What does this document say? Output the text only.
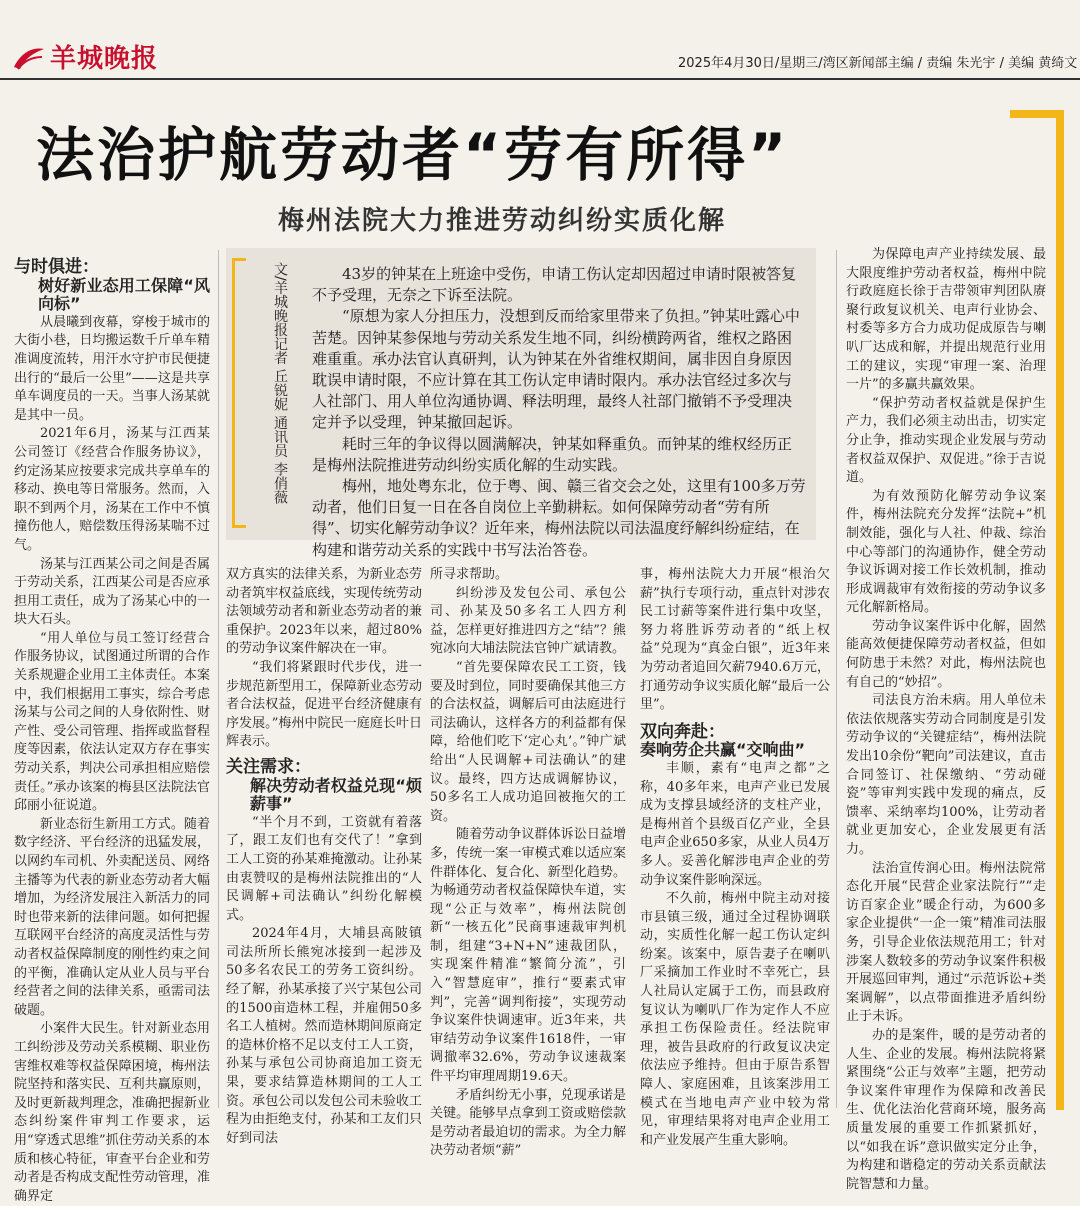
羊城晚报	2025年4月30日/星期三/湾区新闻部主编 / 责编 朱光宇 / 美编 黄绮文
法治护航劳动者“劳有所得”
梅州法院大力推进劳动纠纷实质化解
文/羊城晚报记者 丘锐妮 通讯员 李俏薇	43岁的钟某在上班途中受伤，申请工伤认定却因超过申请时限被答复不予受理，无奈之下诉至法院。

“原想为家人分担压力，没想到反而给家里带来了负担。”钟某吐露心中苦楚。因钟某参保地与劳动关系发生地不同，纠纷横跨两省，维权之路困难重重。承办法官认真研判，认为钟某在外省维权期间，属非因自身原因耽误申请时限，不应计算在其工伤认定申请时限内。承办法官经过多次与人社部门、用人单位沟通协调、释法明理，最终人社部门撤销不予受理决定并予以受理，钟某撤回起诉。

耗时三年的争议得以圆满解决，钟某如释重负。而钟某的维权经历正是梅州法院推进劳动纠纷实质化解的生动实践。

梅州，地处粤东北，位于粤、闽、赣三省交会之处，这里有100多万劳动者，他们日复一日在各自岗位上辛勤耕耘。如何保障劳动者“劳有所得”、切实化解劳动争议？近年来，梅州法院以司法温度纾解纠纷症结，在构建和谐劳动关系的实践中书写法治答卷。

与时俱进：
树好新业态用工保障“风向标”

从晨曦到夜幕，穿梭于城市的大街小巷，日均搬运数千斤单车精准调度流转，用汗水守护市民便捷出行的“最后一公里”——这是共享单车调度员的一天。当事人汤某就是其中一员。

2021年6月，汤某与江西某公司签订《经营合作服务协议》，约定汤某应按要求完成共享单车的移动、换电等日常服务。然而，入职不到两个月，汤某在工作中不慎撞伤他人，赔偿数压得汤某喘不过气。

汤某与江西某公司之间是否属于劳动关系，江西某公司是否应承担用工责任，成为了汤某心中的一块大石头。

“用人单位与员工签订经营合作服务协议，试图通过所谓的合作关系规避企业用工主体责任。本案中，我们根据用工事实，综合考虑汤某与公司之间的人身依附性、财产性、受公司管理、指挥或监督程度等因素，依法认定双方存在事实劳动关系，判决公司承担相应赔偿责任。”承办该案的梅县区法院法官邱丽小征说道。

新业态衍生新用工方式。随着数字经济、平台经济的迅猛发展，以网约车司机、外卖配送员、网络主播等为代表的新业态劳动者大幅增加，为经济发展注入新活力的同时也带来新的法律问题。如何把握互联网平台经济的高度灵活性与劳动者权益保障制度的刚性约束之间的平衡，准确认定从业人员与平台经营者之间的法律关系，亟需司法破题。

小案件大民生。针对新业态用工纠纷涉及劳动关系模糊、职业伤害维权难等权益保障困境，梅州法院坚持和落实民、互利共赢原则，及时更新裁判理念，准确把握新业态纠纷案件审判工作要求，运用“穿透式思维”抓住劳动关系的本质和核心特征，审查平台企业和劳动者是否构成支配性劳动管理，准确界定

双方真实的法律关系，为新业态劳动者筑牢权益底线，实现传统劳动法领域劳动者和新业态劳动者的兼重保护。2023年以来，超过80%的劳动争议案件解决在一审。

“我们将紧跟时代步伐，进一步规范新型用工，保障新业态劳动者合法权益，促进平台经济健康有序发展。”梅州中院民一庭庭长叶日辉表示。

关注需求：
解决劳动者权益兑现“烦薪事”

“半个月不到，工资就有着落了，跟工友们也有交代了！”拿到工人工资的孙某难掩激动。让孙某由衷赞叹的是梅州法院推出的“人民调解+司法确认”纠纷化解模式。

2024年4月，大埔县高陂镇司法所所长熊宛冰接到一起涉及50多名农民工的劳务工资纠纷。经了解，孙某承接了兴宁某包公司的1500亩造林工程，并雇佣50多名工人植树。然而造林期间原商定的造林价格不足以支付工人工资，孙某与承包公司协商追加工资无果，要求结算造林期间的工人工资。承包公司以发包公司未验收工程为由拒绝支付，孙某和工友们只好到司法

所寻求帮助。

纠纷涉及发包公司、承包公司、孙某及50多名工人四方利益，怎样更好推进四方之“结”？熊宛冰向大埔法院法官钟广斌请教。

“首先要保障农民工工资，钱要及时到位，同时要确保其他三方的合法权益，调解后可由法庭进行司法确认，这样各方的利益都有保障，给他们吃下‘定心丸’。”钟广斌给出“人民调解+司法确认”的建议。最终，四方达成调解协议，50多名工人成功追回被拖欠的工资。

随着劳动争议群体诉讼日益增多，传统一案一审模式难以适应案件群体化、复合化、新型化趋势。为畅通劳动者权益保障快车道，实现“公正与效率”，梅州法院创新“一核五化”民商事速裁审判机制，组建“3+N+N”速裁团队，实现案件精准“繁简分流”，引入“智慧庭审”，推行“要素式审判”，完善“调判衔接”，实现劳动争议案件快调速审。近3年来，共审结劳动争议案件1618件，一审调撤率32.6%，劳动争议速裁案件平均审理周期19.6天。

矛盾纠纷无小事，兑现承诺是关键。能够早点拿到工资或赔偿款是劳动者最迫切的需求。为全力解决劳动者烦“薪”

事，梅州法院大力开展“根治欠薪”执行专项行动，重点针对涉农民工讨薪等案件进行集中攻坚，努力将胜诉劳动者的“纸上权益”兑现为“真金白银”，近3年来为劳动者追回欠薪7940.6万元，打通劳动争议实质化解“最后一公里”。

双向奔赴：
奏响劳企共赢“交响曲”

丰顺，素有“电声之都”之称，40多年来，电声产业已发展成为支撑县域经济的支柱产业，是梅州首个县级百亿产业，全县电声企业650多家，从业人员4万多人。妥善化解涉电声企业的劳动争议案件影响深远。

不久前，梅州中院主动对接市县镇三级，通过全过程协调联动，实质性化解一起工伤认定纠纷案。该案中，原告妻子在喇叭厂采摘加工作业时不幸死亡，县人社局认定属于工伤，而县政府复议认为喇叭厂作为定作人不应承担工伤保险责任。经法院审理，被告县政府的行政复议决定依法应予维持。但由于原告系智障人、家庭困难，且该案涉用工模式在当地电声产业中较为常见，审理结果将对电声企业用工和产业发展产生重大影响。

为保障电声产业持续发展、最大限度维护劳动者权益，梅州中院行政庭庭长徐于吉带领审判团队赓聚行政复议机关、电声行业协会、村委等多方合力成功促成原告与喇叭厂达成和解，并提出规范行业用工的建议，实现“审理一案、治理一片”的多赢共赢效果。

“保护劳动者权益就是保护生产力，我们必须主动出击，切实定分止争，推动实现企业发展与劳动者权益双保护、双促进。”徐于吉说道。

为有效预防化解劳动争议案件，梅州法院充分发挥“法院+”机制效能，强化与人社、仲裁、综治中心等部门的沟通协作，健全劳动争议诉调对接工作长效机制，推动形成调裁审有效衔接的劳动争议多元化解新格局。

劳动争议案件诉中化解，固然能高效便捷保障劳动者权益，但如何防患于未然？对此，梅州法院也有自己的“妙招”。

司法良方治未病。用人单位未依法依规落实劳动合同制度是引发劳动争议的“关键症结”，梅州法院发出10余份“靶向”司法建议，直击合同签订、社保缴纳、“劳动碰瓷”等审判实践中发现的痛点，反馈率、采纳率均100%，让劳动者就业更加安心，企业发展更有活力。

法治宣传润心田。梅州法院常态化开展“民营企业家法院行”“走访百家企业”暖企行动，为600多家企业提供“一企一策”精准司法服务，引导企业依法规范用工；针对涉案人数较多的劳动争议案件积极开展巡回审判，通过“示范诉讼+类案调解”，以点带面推进矛盾纠纷止于未诉。

办的是案件，暖的是劳动者的人生、企业的发展。梅州法院将紧紧围绕“公正与效率”主题，把劳动争议案件审理作为保障和改善民生、优化法治化营商环境，服务高质量发展的重要工作抓紧抓好，以“如我在诉”意识做实定分止争，为构建和谐稳定的劳动关系贡献法院智慧和力量。
